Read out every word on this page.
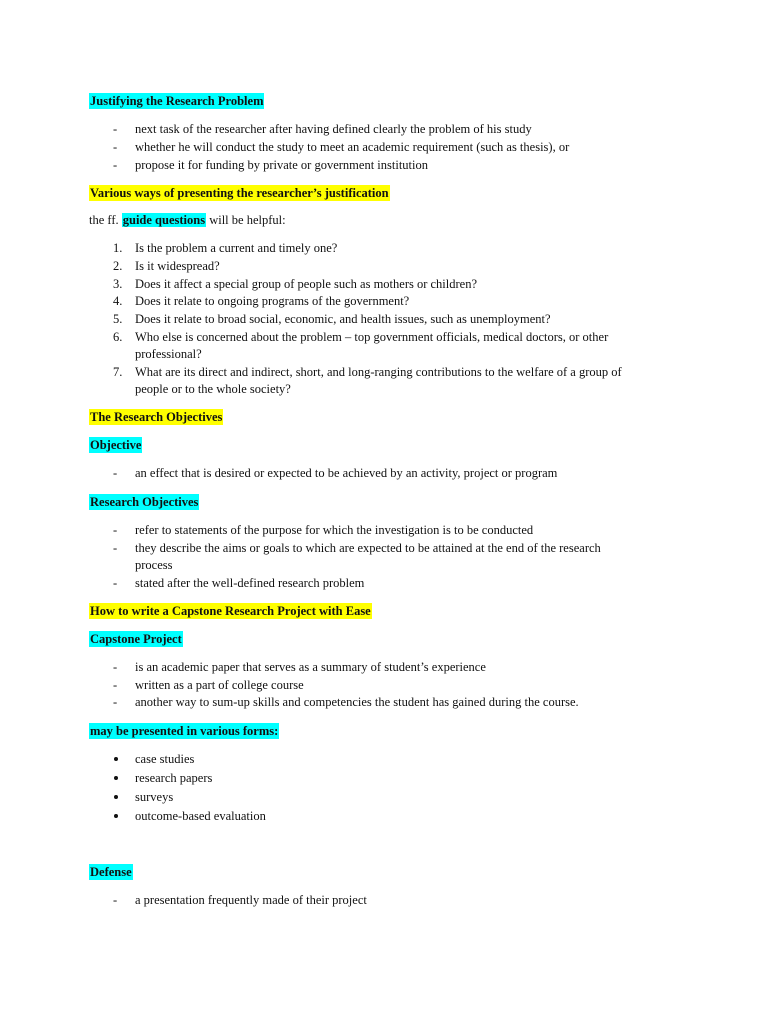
Justifying the Research Problem
-	next task of the researcher after having defined clearly the problem of his study
-	whether he will conduct the study to meet an academic requirement (such as thesis), or
-	propose it for funding by private or government institution
Various ways of presenting the researcher’s justification
the ff. guide questions will be helpful:
1.	Is the problem a current and timely one?
2.	Is it widespread?
3.	Does it affect a special group of people such as mothers or children?
4.	Does it relate to ongoing programs of the government?
5.	Does it relate to broad social, economic, and health issues, such as unemployment?
6.	Who else is concerned about the problem – top government officials, medical doctors, or other
professional?
7.	What are its direct and indirect, short, and long-ranging contributions to the welfare of a group of
people or to the whole society?
The Research Objectives
Objective
-	an effect that is desired or expected to be achieved by an activity, project or program
Research Objectives
-	refer to statements of the purpose for which the investigation is to be conducted
-	they describe the aims or goals to which are expected to be attained at the end of the research
process
-	stated after the well-defined research problem
How to write a Capstone Research Project with Ease
Capstone Project
-	is an academic paper that serves as a summary of student’s experience
-	written as a part of college course
-	another way to sum-up skills and competencies the student has gained during the course.
may be presented in various forms:
case studies
research papers
surveys
outcome-based evaluation
Defense
-	a presentation frequently made of their project
